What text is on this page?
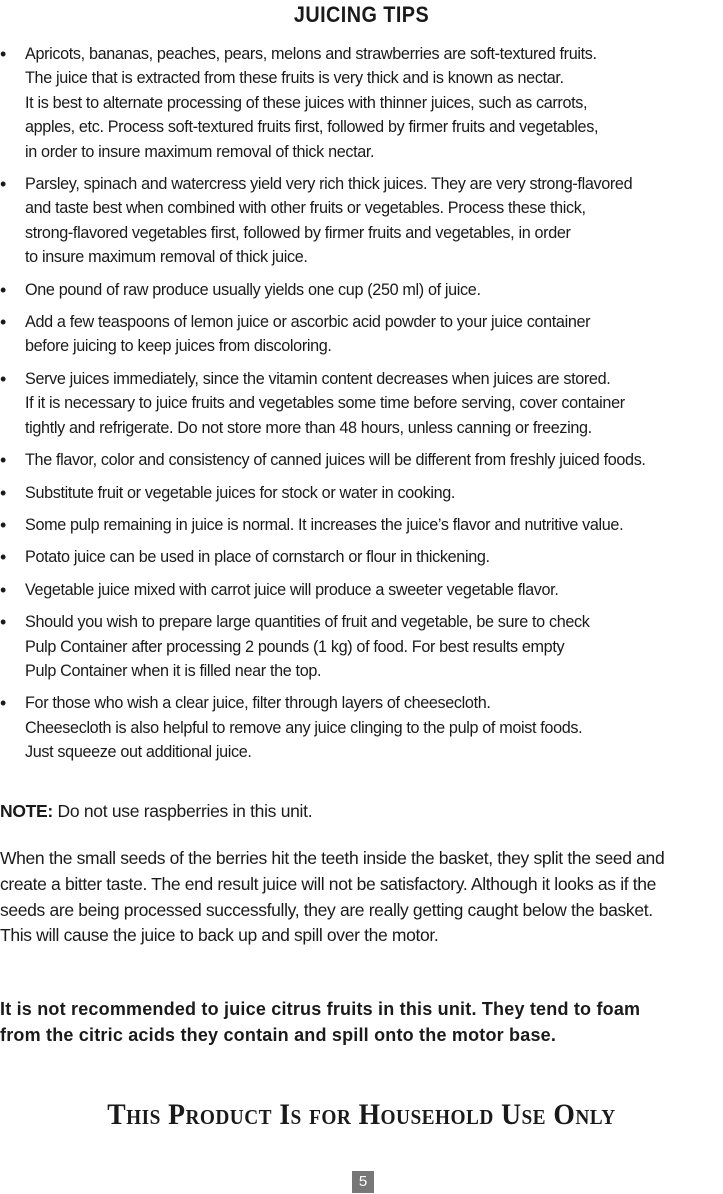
JUICING TIPS
• Apricots, bananas, peaches, pears, melons and strawberries are soft-textured fruits.
The juice that is extracted from these fruits is very thick and is known as nectar.
It is best to alternate processing of these juices with thinner juices, such as carrots,
apples, etc. Process soft-textured fruits first, followed by firmer fruits and vegetables,
in order to insure maximum removal of thick nectar.
• Parsley, spinach and watercress yield very rich thick juices. They are very strong-flavored
and taste best when combined with other fruits or vegetables. Process these thick,
strong-flavored vegetables first, followed by firmer fruits and vegetables, in order
to insure maximum removal of thick juice.
• One pound of raw produce usually yields one cup (250 ml) of juice.
• Add a few teaspoons of lemon juice or ascorbic acid powder to your juice container
before juicing to keep juices from discoloring.
• Serve juices immediately, since the vitamin content decreases when juices are stored.
If it is necessary to juice fruits and vegetables some time before serving, cover container
tightly and refrigerate. Do not store more than 48 hours, unless canning or freezing.
• The flavor, color and consistency of canned juices will be different from freshly juiced foods.
• Substitute fruit or vegetable juices for stock or water in cooking.
• Some pulp remaining in juice is normal. It increases the juice’s flavor and nutritive value.
• Potato juice can be used in place of cornstarch or flour in thickening.
• Vegetable juice mixed with carrot juice will produce a sweeter vegetable flavor.
• Should you wish to prepare large quantities of fruit and vegetable, be sure to check
Pulp Container after processing 2 pounds (1 kg) of food. For best results empty
Pulp Container when it is filled near the top.
• For those who wish a clear juice, filter through layers of cheesecloth.
Cheesecloth is also helpful to remove any juice clinging to the pulp of moist foods.
Just squeeze out additional juice.
NOTE: Do not use raspberries in this unit.
When the small seeds of the berries hit the teeth inside the basket, they split the seed and
create a bitter taste. The end result juice will not be satisfactory. Although it looks as if the
seeds are being processed successfully, they are really getting caught below the basket.
This will cause the juice to back up and spill over the motor.
It is not recommended to juice citrus fruits in this unit. They tend to foam
from the citric acids they contain and spill onto the motor base.
This Product Is for Household Use Only
5
